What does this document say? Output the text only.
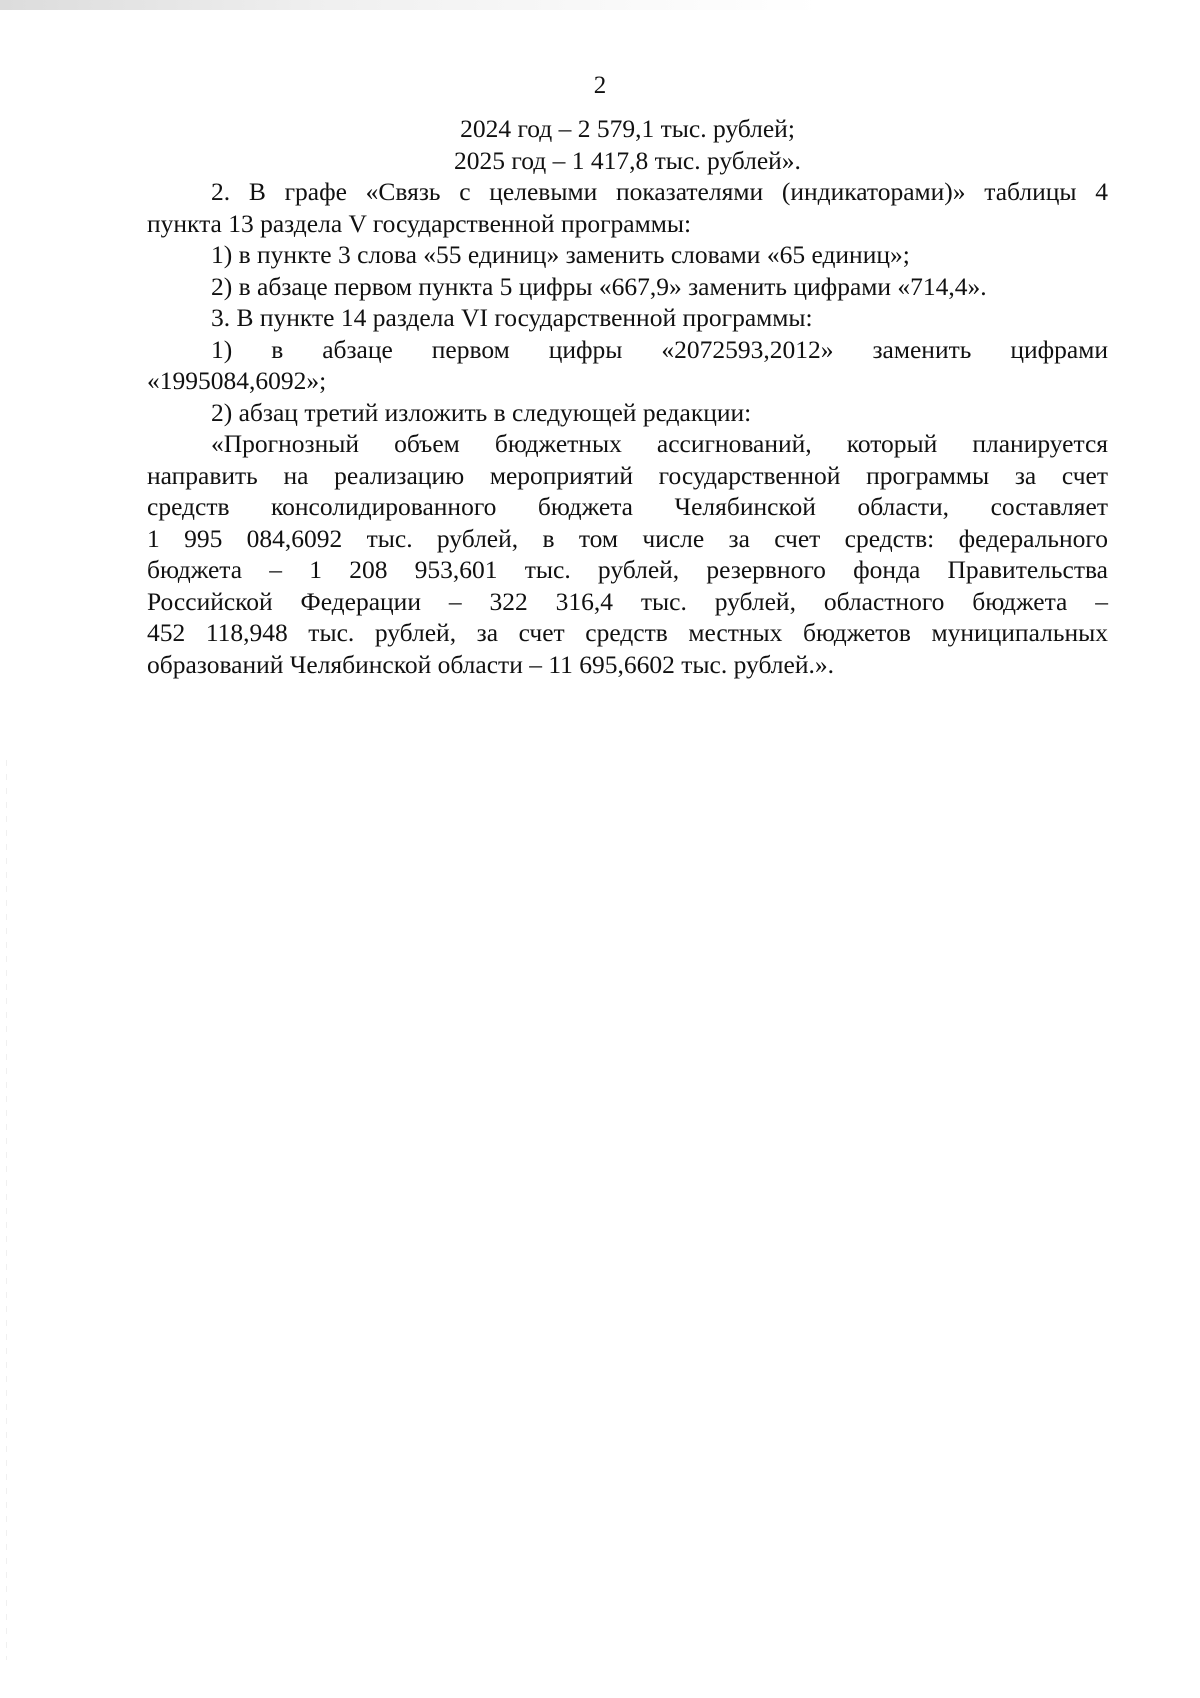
2
2024 год – 2 579,1 тыс. рублей;
2025 год – 1 417,8 тыс. рублей».
2. В графе «Связь с целевыми показателями (индикаторами)» таблицы 4
пункта 13 раздела V государственной программы:
1) в пункте 3 слова «55 единиц» заменить словами «65 единиц»;
2) в абзаце первом пункта 5 цифры «667,9» заменить цифрами «714,4».
3. В пункте 14 раздела VI государственной программы:
1) в абзаце первом цифры «2072593,2012» заменить цифрами
«1995084,6092»;
2) абзац третий изложить в следующей редакции:
«Прогнозный объем бюджетных ассигнований, который планируется
направить на реализацию мероприятий государственной программы за счет
средств консолидированного бюджета Челябинской области, составляет
1 995 084,6092 тыс. рублей, в том числе за счет средств: федерального
бюджета – 1 208 953,601 тыс. рублей, резервного фонда Правительства
Российской Федерации – 322 316,4 тыс. рублей, областного бюджета –
452 118,948 тыс. рублей, за счет средств местных бюджетов муниципальных
образований Челябинской области – 11 695,6602 тыс. рублей.».
